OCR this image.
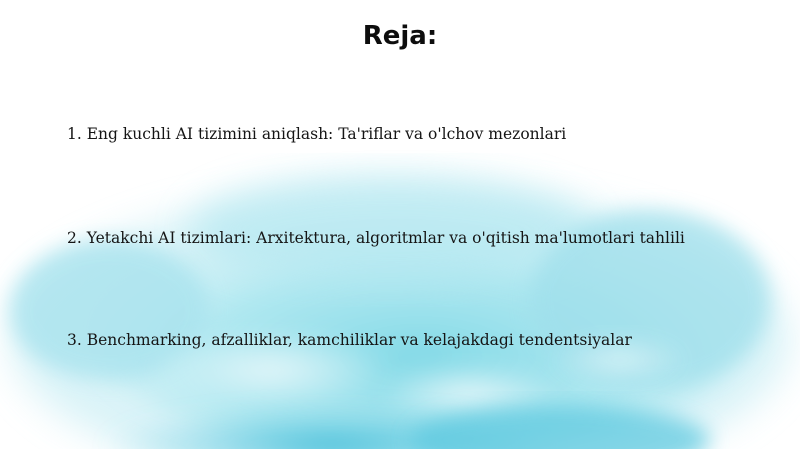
Reja:
1. Eng kuchli AI tizimini aniqlash: Ta'riflar va o'lchov mezonlari
2. Yetakchi AI tizimlari: Arxitektura, algoritmlar va o'qitish ma'lumotlari tahlili
3. Benchmarking, afzalliklar, kamchiliklar va kelajakdagi tendentsiyalar
